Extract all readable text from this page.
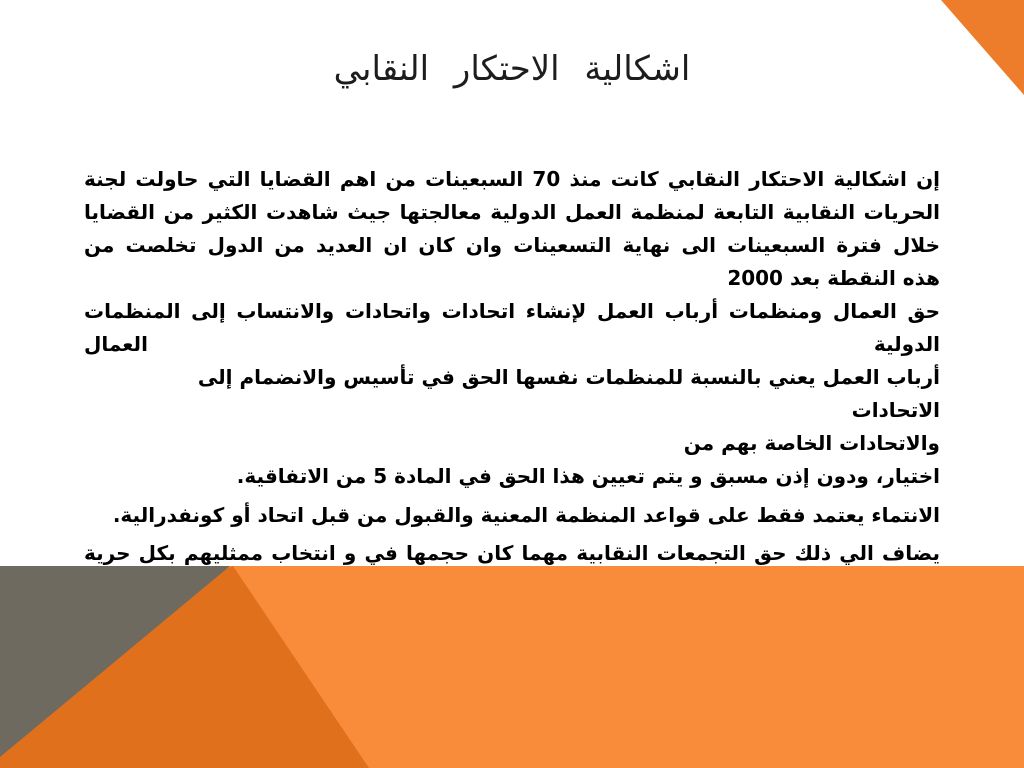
اشكالية الاحتكار النقابي
إن اشكالية الاحتكار النقابي كانت منذ 70 السبعينات من اهم القضايا التي حاولت لجنة
الحريات النقابية التابعة لمنظمة العمل الدولية معالجتها جيث شاهدت الكثير من القضايا
خلال فترة السبعينات الى نهاية التسعينات وان كان ان العديد من الدول تخلصت من
هذه النقطة بعد 2000
حق العمال ومنظمات أرباب العمل لإنشاء اتحادات واتحادات والانتساب إلى المنظمات الدولية العمال
أرباب العمل يعني بالنسبة للمنظمات نفسها الحق في تأسيس والانضمام إلى الاتحادات
والاتحادات الخاصة بهم من
اختيار، ودون إذن مسبق و يتم تعيين هذا الحق في المادة 5 من الاتفاقية.
الانتماء يعتمد فقط على قواعد المنظمة المعنية والقبول من قبل اتحاد أو كونفدرالية.
يضاف الي ذلك حق التجمعات النقابية مهما كان حجمها في و انتخاب ممثليهم بكل حرية
